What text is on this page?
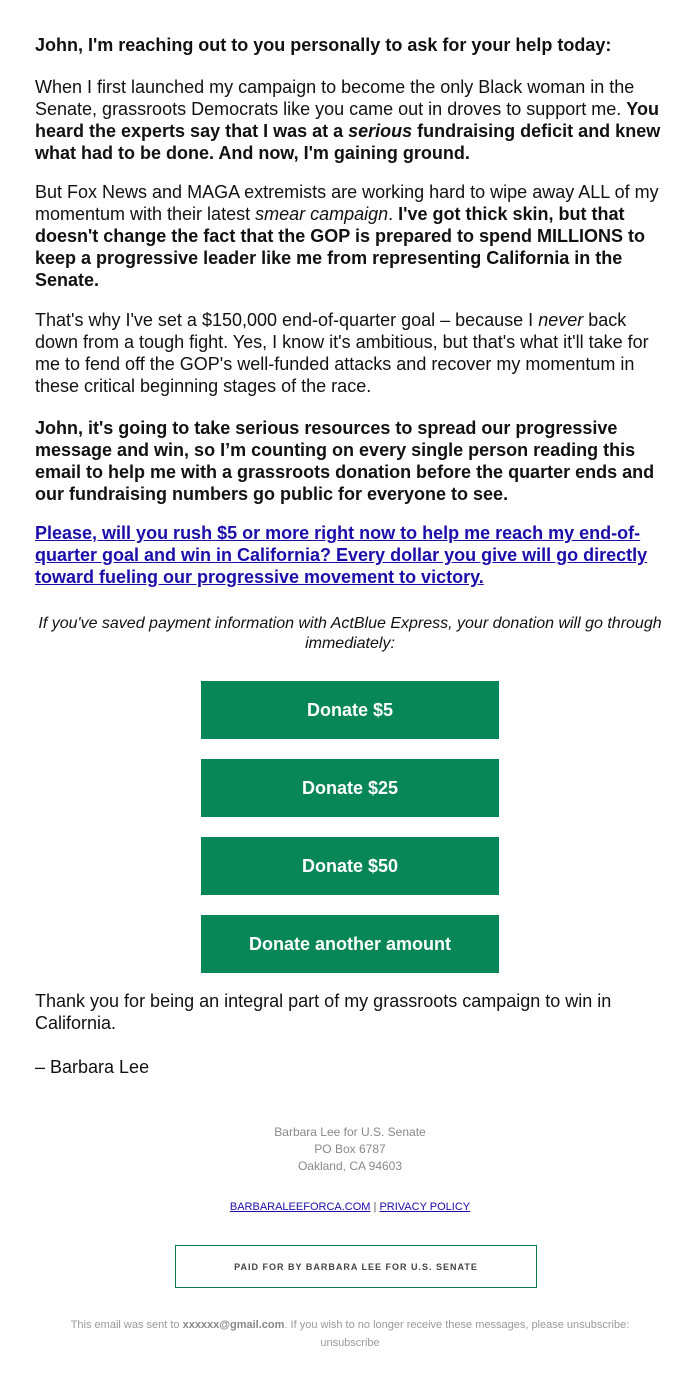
John, I'm reaching out to you personally to ask for your help today:

When I first launched my campaign to become the only Black woman in the Senate, grassroots Democrats like you came out in droves to support me. You heard the experts say that I was at a serious fundraising deficit and knew what had to be done. And now, I'm gaining ground.

But Fox News and MAGA extremists are working hard to wipe away ALL of my momentum with their latest smear campaign. I've got thick skin, but that doesn't change the fact that the GOP is prepared to spend MILLIONS to keep a progressive leader like me from representing California in the Senate.

That's why I've set a $150,000 end-of-quarter goal – because I never back down from a tough fight. Yes, I know it's ambitious, but that's what it'll take for me to fend off the GOP's well-funded attacks and recover my momentum in these critical beginning stages of the race.

John, it's going to take serious resources to spread our progressive message and win, so I’m counting on every single person reading this email to help me with a grassroots donation before the quarter ends and our fundraising numbers go public for everyone to see.

Please, will you rush $5 or more right now to help me reach my end-of-quarter goal and win in California? Every dollar you give will go directly toward fueling our progressive movement to victory.

If you've saved payment information with ActBlue Express, your donation will go through immediately:
Donate $5
Donate $25
Donate $50
Donate another amount

Thank you for being an integral part of my grassroots campaign to win in California.

– Barbara Lee

Barbara Lee for U.S. Senate
PO Box 6787
Oakland, CA 94603
BARBARALEEFORCA.COM | PRIVACY POLICY
PAID FOR BY BARBARA LEE FOR U.S. SENATE
This email was sent to xxxxxx@gmail.com. If you wish to no longer receive these messages, please unsubscribe:
unsubscribe
